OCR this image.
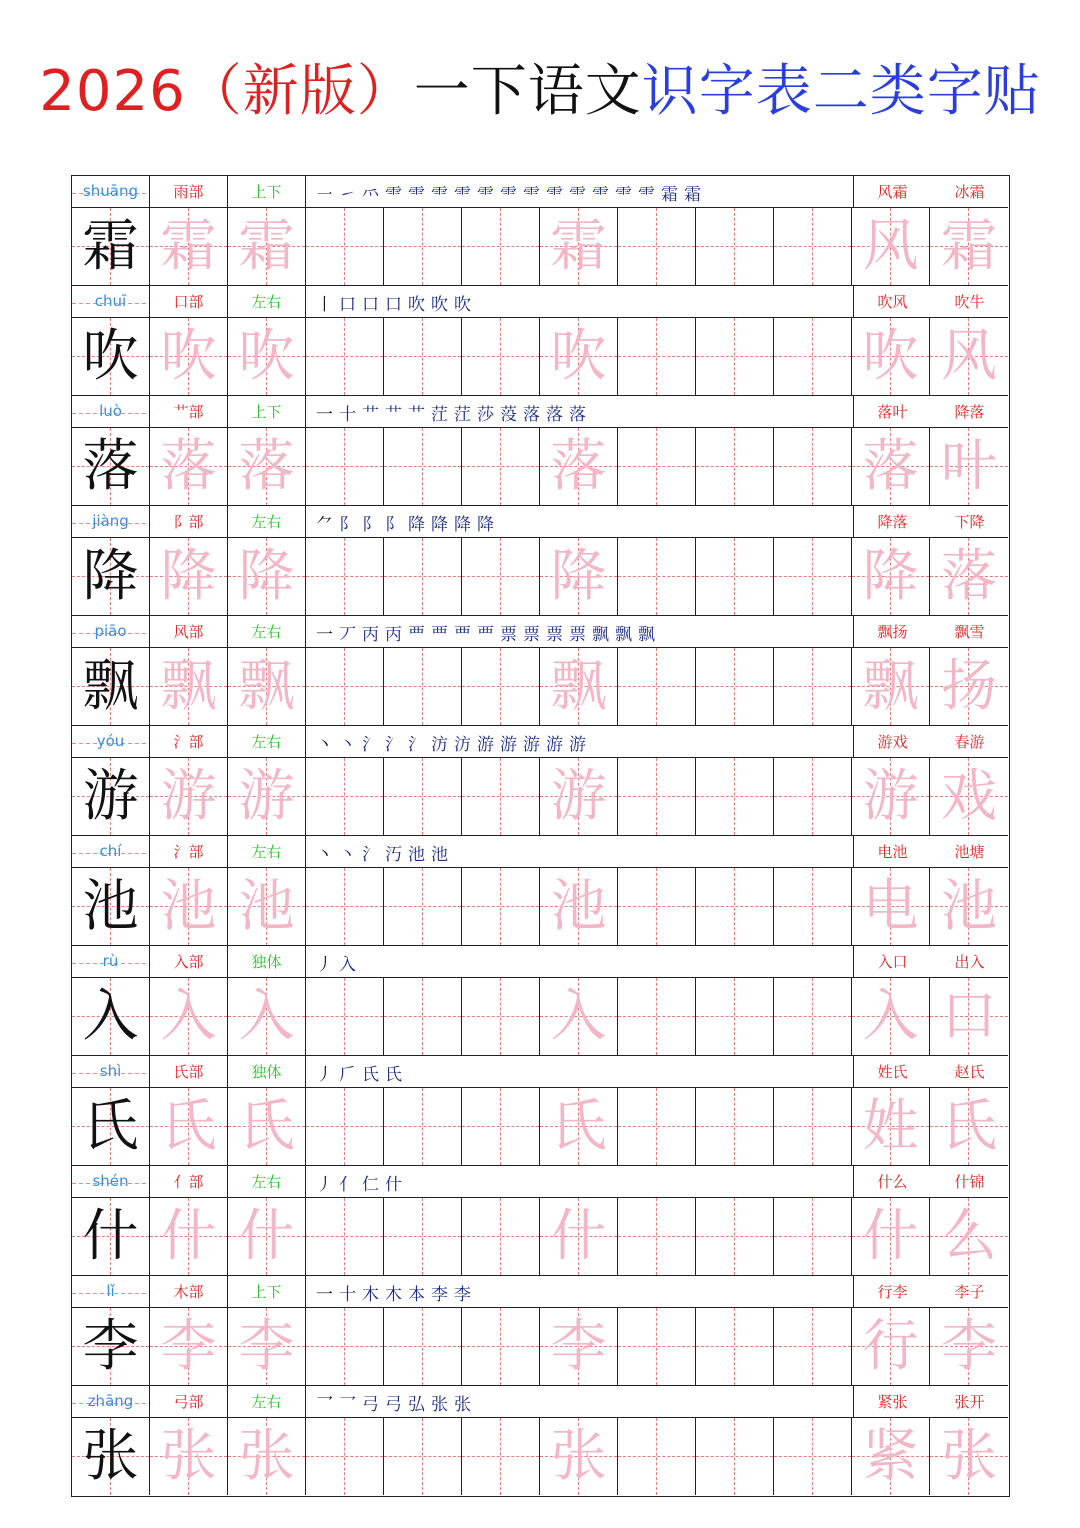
2026（新版）一下语文识字表二类字贴
shuāng	雨部	上下	㇐ ㇀ ⺤ ⻗ ⻗ ⻗ ⻗ ⻗ ⻗ ⻗ ⻗ ⻗ ⻗ ⻗ ⻗ 霜 霜	风霜	冰霜
霜 霜 霜	霜	风 霜
chuī	口部	左右	丨 口 口 口 吹 吹 吹	吹风	吹牛
吹 吹 吹	吹	吹 风
luò	艹部	上下	一 十 艹 艹 艹 茳 茳 莎 莈 落 落 落	落叶	降落
落 落 落	落	落 叶
jiàng	阝部	左右	⺈ 阝 阝 阝 降 降 降 降	降落	下降
降 降 降	降	降 落
piāo	风部	左右	一 丆 丙 丙 覀 覀 覀 覀 票 票 票 票 飘 飘 飘	飘扬	飘雪
飘 飘 飘	飘	飘 扬
yóu	氵部	左右	丶 丶 氵 氵 氵 汸 汸 游 游 游 游 游	游戏	春游
游 游 游	游	游 戏
chí	氵部	左右	丶 丶 氵 汅 池 池	电池	池塘
池 池 池	池	电 池
rù	入部	独体	丿 入	入口	出入
入 入 入	入	入 口
shì	氏部	独体	丿 𠂆 氏 氏	姓氏	赵氏
氏 氏 氏	氏	姓 氏
shén	亻部	左右	丿 亻 仁 什	什么	什锦
什 什 什	什	什 么
lǐ	木部	上下	一 十 木 木 本 李 李	行李	李子
李 李 李	李	行 李
zhāng	弓部	左右	乛 乛 弓 弓 弘 张 张	紧张	张开
张 张 张	张	紧 张
